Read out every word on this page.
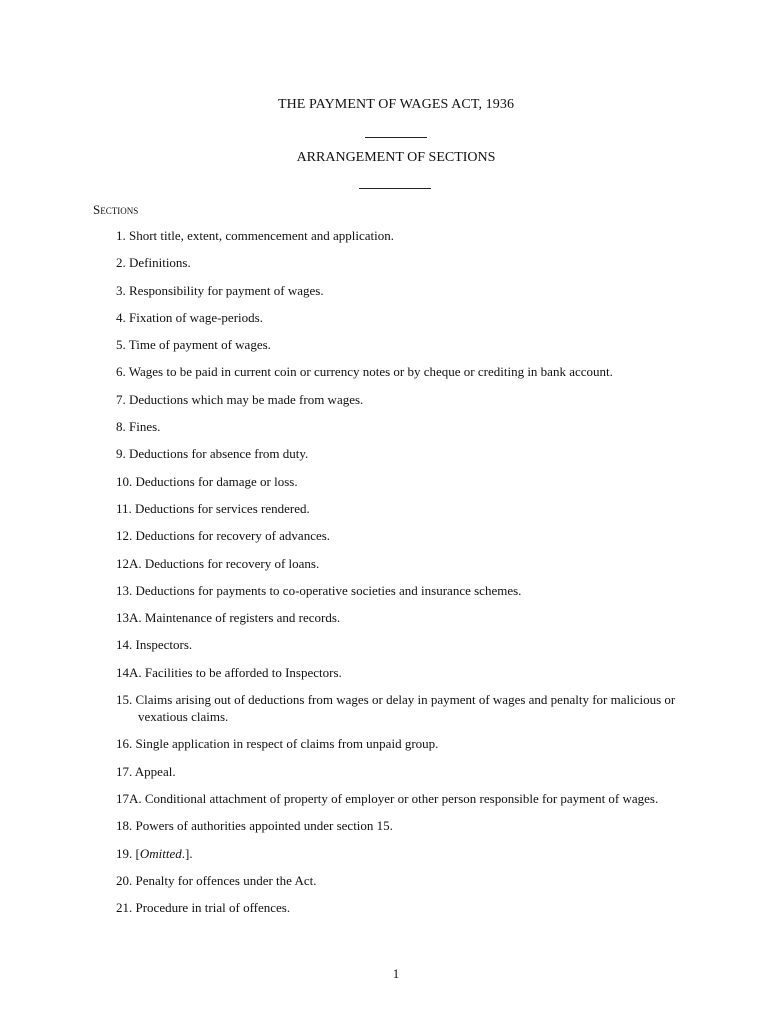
THE PAYMENT OF WAGES ACT, 1936
ARRANGEMENT OF SECTIONS
Sections
1. Short title, extent, commencement and application.
2. Definitions.
3. Responsibility for payment of wages.
4. Fixation of wage-periods.
5. Time of payment of wages.
6. Wages to be paid in current coin or currency notes or by cheque or crediting in bank account.
7. Deductions which may be made from wages.
8. Fines.
9. Deductions for absence from duty.
10. Deductions for damage or loss.
11. Deductions for services rendered.
12. Deductions for recovery of advances.
12A. Deductions for recovery of loans.
13. Deductions for payments to co-operative societies and insurance schemes.
13A. Maintenance of registers and records.
14. Inspectors.
14A. Facilities to be afforded to Inspectors.
15. Claims arising out of deductions from wages or delay in payment of wages and penalty for malicious or vexatious claims.
16. Single application in respect of claims from unpaid group.
17. Appeal.
17A. Conditional attachment of property of employer or other person responsible for payment of wages.
18. Powers of authorities appointed under section 15.
19. [Omitted.].
20. Penalty for offences under the Act.
21. Procedure in trial of offences.
1
